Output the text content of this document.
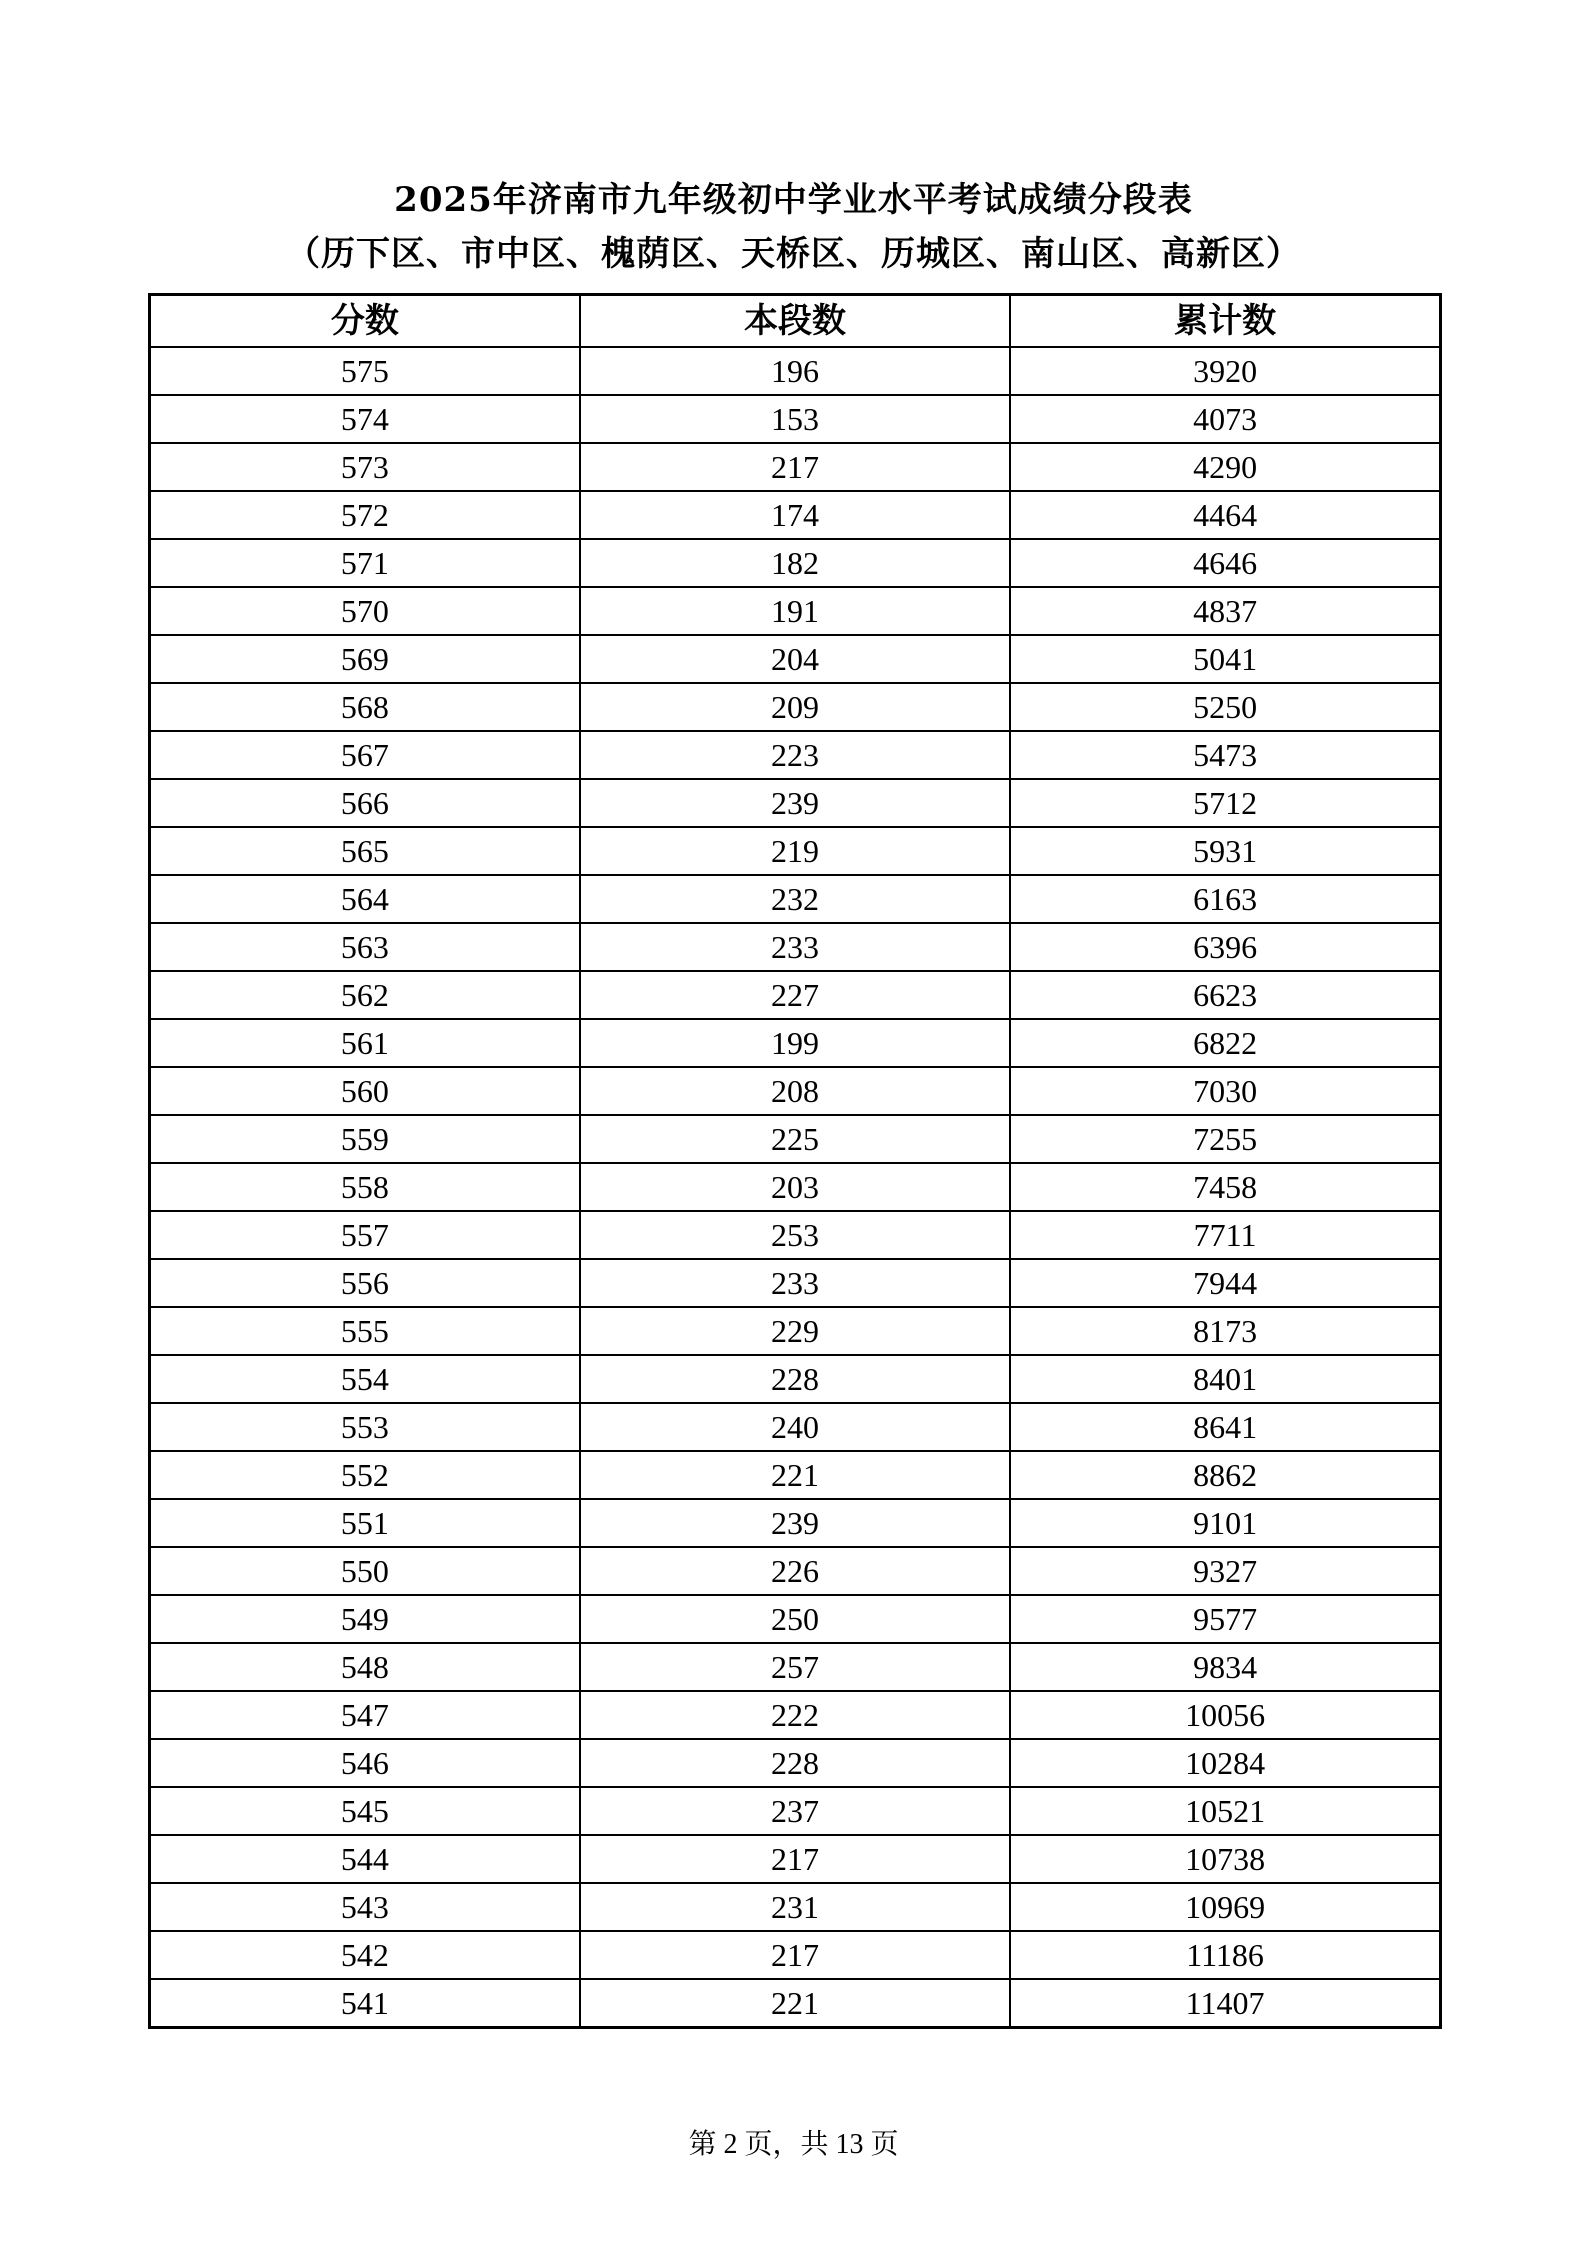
2025年济南市九年级初中学业水平考试成绩分段表
（历下区、市中区、槐荫区、天桥区、历城区、南山区、高新区）
分数	本段数	累计数
575	196	3920
574	153	4073
573	217	4290
572	174	4464
571	182	4646
570	191	4837
569	204	5041
568	209	5250
567	223	5473
566	239	5712
565	219	5931
564	232	6163
563	233	6396
562	227	6623
561	199	6822
560	208	7030
559	225	7255
558	203	7458
557	253	7711
556	233	7944
555	229	8173
554	228	8401
553	240	8641
552	221	8862
551	239	9101
550	226	9327
549	250	9577
548	257	9834
547	222	10056
546	228	10284
545	237	10521
544	217	10738
543	231	10969
542	217	11186
541	221	11407
第 2 页，共 13 页
